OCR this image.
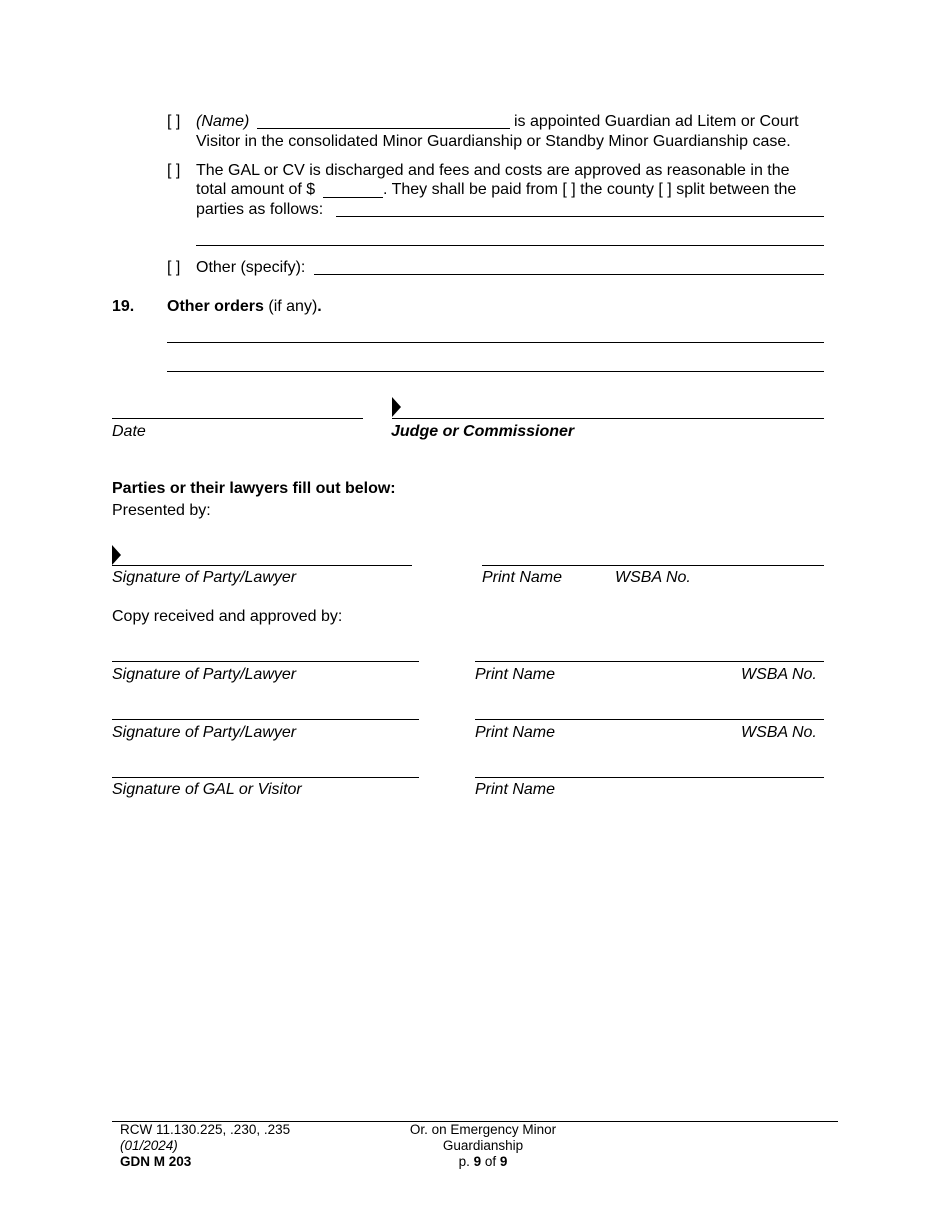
[ ] (Name)	is appointed Guardian ad Litem or Court
Visitor in the consolidated Minor Guardianship or Standby Minor Guardianship case.
[ ] The GAL or CV is discharged and fees and costs are approved as reasonable in the
total amount of $	. They shall be paid from [ ] the county [ ] split between the
parties as follows:
[ ] Other (specify):
19. Other orders (if any).
Date	Judge or Commissioner
Parties or their lawyers fill out below:
Presented by:
Signature of Party/Lawyer	Print Name	WSBA No.
Copy received and approved by:
Signature of Party/Lawyer	Print Name	WSBA No.
Signature of Party/Lawyer	Print Name	WSBA No.
Signature of GAL or Visitor	Print Name
RCW 11.130.225, .230, .235
(01/2024)
GDN M 203
Or. on Emergency Minor
Guardianship
p. 9 of 9
